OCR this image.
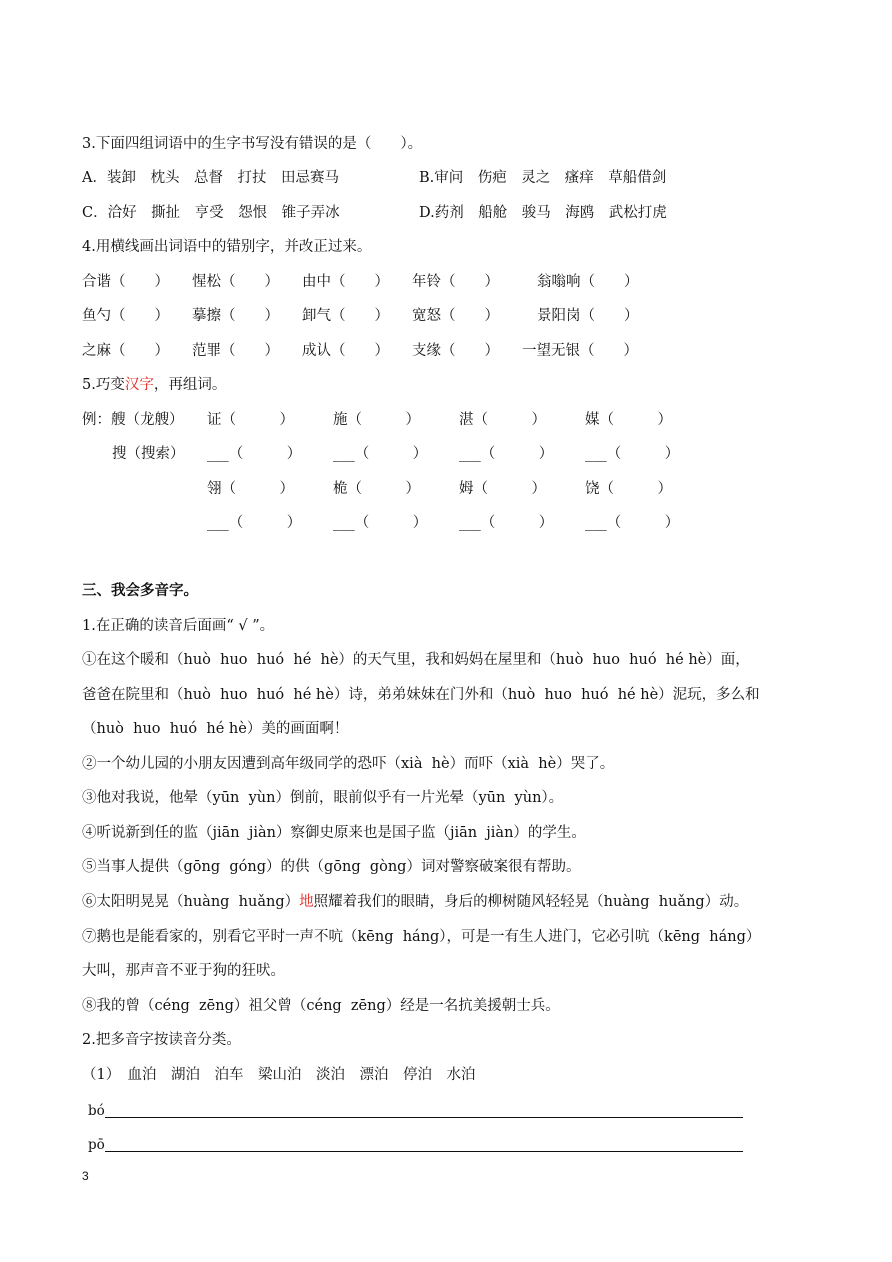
3.下面四组词语中的生字书写没有错误的是（　　）。
A．装卸　枕头　总督　打扙　田忌赛马	B.审问　伤疤　灵之　瘙痒　草船借剑
C．洽好　撕扯　亨受　怨恨　锥子弄冰	D.药剂　船舱　骏马　海鸥　武松打虎
4.用横线画出词语中的错别字，并改正过来。
合谐（　　） 惺松（　　） 由中（　　） 年铃（　　）	翁嗡响（　　）
鱼勺（　　） 摹擦（　　） 卸气（　　） 宽怒（　　）	景阳岗（　　）
之麻（　　） 范罪（　　） 成认（　　） 支缘（　　） 一望无银（　　）
5.巧变汉字，再组词。
例：艘（龙艘） 证（　　　）	施（　　　）	湛（　　　）	媒（　　　）
搜（搜索） ___（　　　） ___（　　　） ___（　　　） ___（　　　）
翎（　　　）	桅（　　　）	姆（　　　）	饶（　　　）
___（　　　） ___（　　　） ___（　　　） ___（　　　）
三、我会多音字。
1.在正确的读音后面画“ √ ”。
①在这个暖和（huò  huo  huó  hé  hè）的天气里，我和妈妈在屋里和（huò  huo  huó  hé hè）面，
爸爸在院里和（huò  huo  huó  hé hè）诗，弟弟妹妹在门外和（huò  huo  huó  hé hè）泥玩，多么和
（huò  huo  huó  hé hè）美的画面啊！
②一个幼儿园的小朋友因遭到高年级同学的恐吓（xià  hè）而吓（xià  hè）哭了。
③他对我说，他晕（yūn  yùn）倒前，眼前似乎有一片光晕（yūn  yùn）。
④听说新到任的监（jiān  jiàn）察御史原来也是国子监（jiān  jiàn）的学生。
⑤当事人提供（gōng  góng）的供（gōng  gòng）词对警察破案很有帮助。
⑥太阳明晃晃（huàng  huǎng）地照耀着我们的眼睛，身后的柳树随风轻轻晃（huàng  huǎng）动。
⑦鹅也是能看家的，别看它平时一声不吭（kēng  háng），可是一有生人进门，它必引吭（kēng  háng）
大叫，那声音不亚于狗的狂吠。
⑧我的曾（céng  zēng）祖父曾（céng  zēng）经是一名抗美援朝士兵。
2.把多音字按读音分类。
（1）　血泊　湖泊　泊车　梁山泊　淡泊　漂泊　停泊　水泊
bó
pō
3
